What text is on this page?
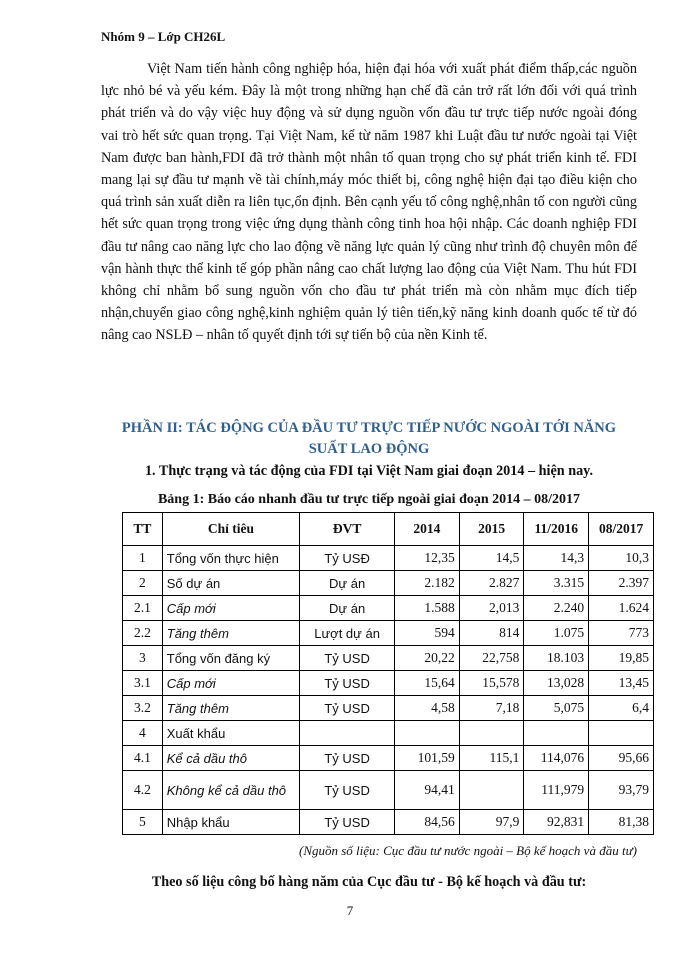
Nhóm 9 – Lớp CH26L

Việt Nam tiến hành công nghiệp hóa, hiện đại hóa với xuất phát điểm thấp,các nguồn lực nhỏ bé và yếu kém. Đây là một trong những hạn chế đã cản trở rất lớn đối với quá trình phát triển và do vậy việc huy động và sử dụng nguồn vốn đầu tư trực tiếp nước ngoài đóng vai trò hết sức quan trọng. Tại Việt Nam, kể từ năm 1987 khi Luật đầu tư nước ngoài tại Việt Nam được ban hành,FDI đã trở thành một nhân tố quan trọng cho sự phát triển kinh tế. FDI mang lại sự đầu tư mạnh về tài chính,máy móc thiết bị, công nghệ hiện đại tạo điều kiện cho quá trình sản xuất diễn ra liên tục,ổn định. Bên cạnh yếu tố công nghệ,nhân tố con người cũng hết sức quan trọng trong việc ứng dụng thành công tinh hoa hội nhập. Các doanh nghiệp FDI đầu tư nâng cao năng lực cho lao động về năng lực quản lý cũng như trình độ chuyên môn để vận hành thực thể kinh tế góp phần nâng cao chất lượng lao động của Việt Nam. Thu hút FDI không chỉ nhằm bổ sung nguồn vốn cho đầu tư phát triển mà còn nhằm mục đích tiếp nhận,chuyển giao công nghệ,kinh nghiệm quản lý tiên tiến,kỹ năng kinh doanh quốc tế từ đó nâng cao NSLĐ – nhân tố quyết định tới sự tiến bộ của nền Kinh tế.

PHẦN II: TÁC ĐỘNG CỦA ĐẦU TƯ TRỰC TIẾP NƯỚC NGOÀI TỚI NĂNG SUẤT LAO ĐỘNG
1. Thực trạng và tác động của FDI tại Việt Nam giai đoạn 2014 – hiện nay.
Bảng 1: Báo cáo nhanh đầu tư trực tiếp ngoài giai đoạn 2014 – 08/2017
TT	Chỉ tiêu	ĐVT	2014	2015	11/2016	08/2017
1	Tổng vốn thực hiện	Tỷ USĐ	12,35	14,5	14,3	10,3
2	Số dự án	Dự án	2.182	2.827	3.315	2.397
2.1	Cấp mới	Dự án	1.588	2,013	2.240	1.624
2.2	Tăng thêm	Lượt dự án	594	814	1.075	773
3	Tổng vốn đăng ký	Tỷ USD	20,22	22,758	18.103	19,85
3.1	Cấp mới	Tỷ USD	15,64	15,578	13,028	13,45
3.2	Tăng thêm	Tỷ USD	4,58	7,18	5,075	6,4
4	Xuất khẩu					
4.1	Kể cả dầu thô	Tỷ USD	101,59	115,1	114,076	95,66
4.2	Không kể cả dầu thô	Tỷ USD	94,41		111,979	93,79
5	Nhập khẩu	Tỷ USD	84,56	97,9	92,831	81,38

(Nguồn số liệu: Cục đầu tư nước ngoài – Bộ kế hoạch và đầu tư)

Theo số liệu công bố hàng năm của Cục đầu tư - Bộ kế hoạch và đầu tư:

7
